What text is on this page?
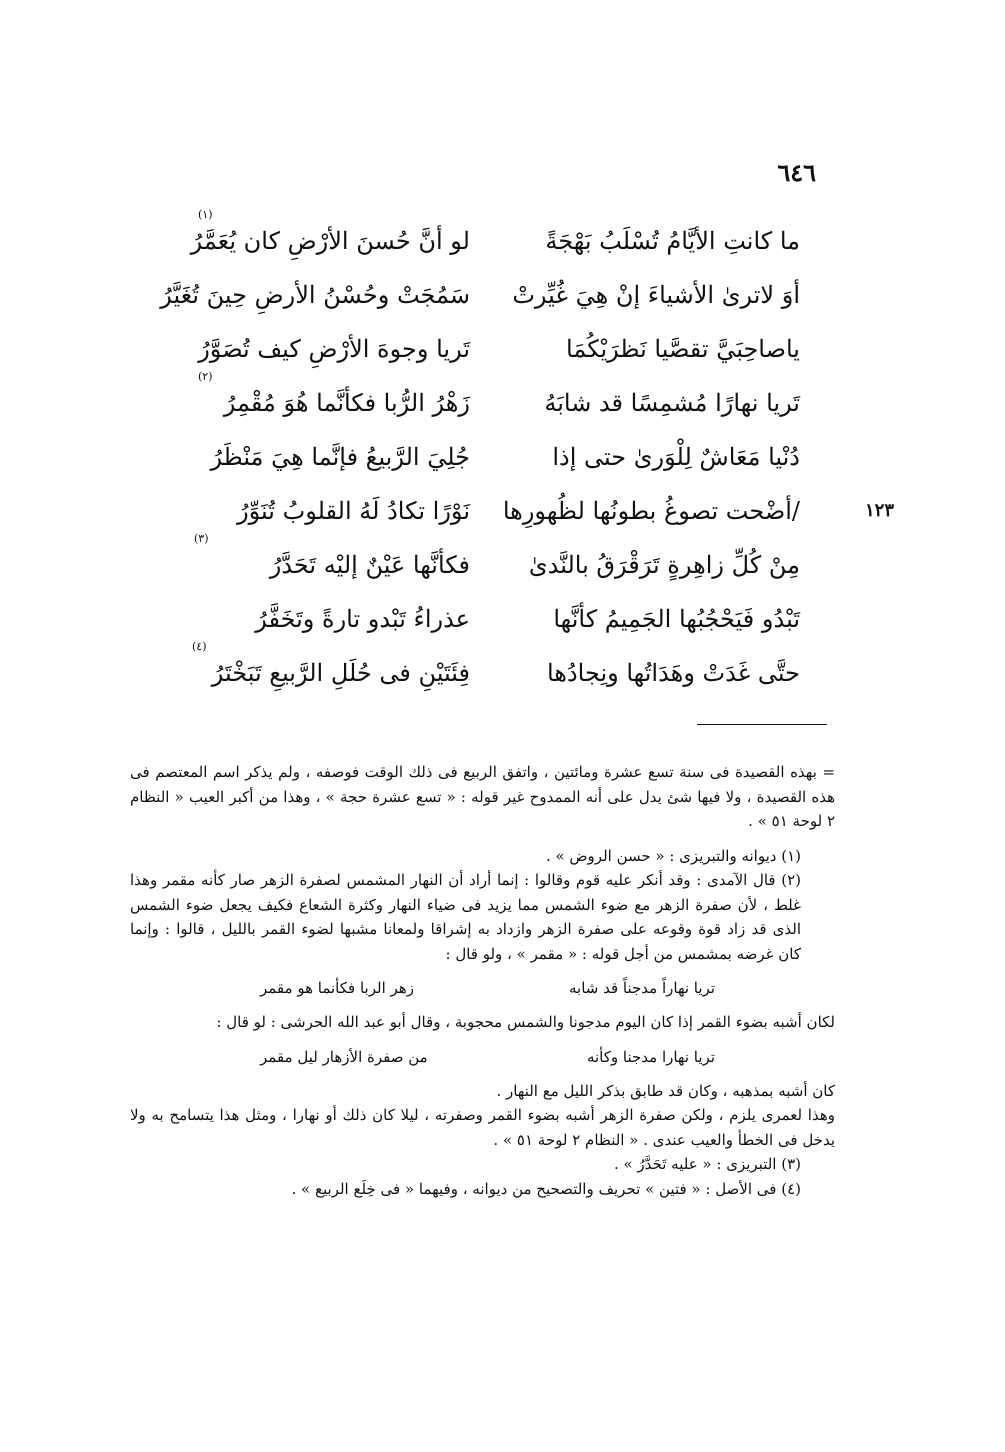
٦٤٦
ما كانتِ الأيَّامُ تُسْلَبُ بَهْجَةً
لو أنَّ حُسنَ الأرْضِ كان يُعَمَّرُ
(١)
أوَ لاترىٰ الأشياءَ إنْ هِيَ غُيِّرتْ
سَمُجَتْ وحُسْنُ الأرضِ حِينَ تُغَيَّرُ
ياصاحِبَيَّ تقصَّيا نَظرَيْكُمَا
تَريا وجوهَ الأرْضِ كيف تُصَوَّرُ
تَريا نهارًا مُشمِسًا قد شابَهُ
زَهْرُ الرُّبا فكأنَّما هُوَ مُقْمِرُ
(٢)
دُنْيا مَعَاشٌ لِلْوَرىٰ حتى إذا
جُلِيَ الرَّبيعُ فإنَّما هِيَ مَنْظَرُ
/أضْحت تصوغُ بطونُها لظُهورِها
نَوْرًا تكادُ لَهُ القلوبُ تُنَوِّرُ
مِنْ كُلِّ زاهِرةٍ تَرَقْرَقُ بالنَّدىٰ
فكأنَّها عَيْنٌ إليْه تَحَدَّرُ
(٣)
تَبْدُو فَيَحْجُبُها الجَمِيمُ كأنَّها
عذراءُ تَبْدو تارةً وتَخَفَّرُ
حتَّى غَدَتْ وهَدَاتُها ونِجادُها
فِئَتَيْنِ فى حُلَلِ الرَّبيعِ تَبَخْتَرُ
(٤)
١٢٣

= بهذه القصيدة فى سنة تسع عشرة ومائتين ، واتفق الربيع فى ذلك الوقت فوصفه ، ولم يذكر اسم المعتصم فى هذه القصيدة ، ولا فيها شئ يدل على أنه الممدوح غير قوله : « تسع عشرة حجة » ، وهذا من أكبر العيب « النظام ٢ لوحة ٥١ » .

(١) ديوانه والتبريزى : « حسن الروض » .

(٢) قال الآمدى : وقد أنكر عليه قوم وقالوا : إنما أراد أن النهار المشمس لصفرة الزهر صار كأنه مقمر وهذا غلط ، لأن صفرة الزهر مع ضوء الشمس مما يزيد فى ضياء النهار وكثرة الشعاع فكيف يجعل ضوء الشمس الذى قد زاد قوة وقوعه على صفرة الزهر وازداد به إشراقا ولمعانا مشبها لضوء القمر بالليل ، قالوا : وإنما كان غرضه بمشمس من أجل قوله : « مقمر » ، ولو قال :

تريا نهاراً مدجناً قد شابه
زهر الربا فكأنما هو مقمر

لكان أشبه بضوء القمر إذا كان اليوم مدجونا والشمس محجوبة ، وقال أبو عبد الله الحرشى : لو قال :

تريا نهارا مدجنا وكأنه
من صفرة الأزهار ليل مقمر

كان أشبه بمذهبه ، وكان قد طابق بذكر الليل مع النهار .

وهذا لعمرى يلزم ، ولكن صفرة الزهر أشبه بضوء القمر وصفرته ، ليلا كان ذلك أو نهارا ، ومثل هذا يتسامح به ولا يدخل فى الخطأ والعيب عندى . « النظام ٢ لوحة ٥١ » .

(٣) التبريزى : « عليه تَحَدَّرُ » .

(٤) فى الأصل : « فتين » تحريف والتصحيح من ديوانه ، وفيهما « فى خِلَع الربيع » .
